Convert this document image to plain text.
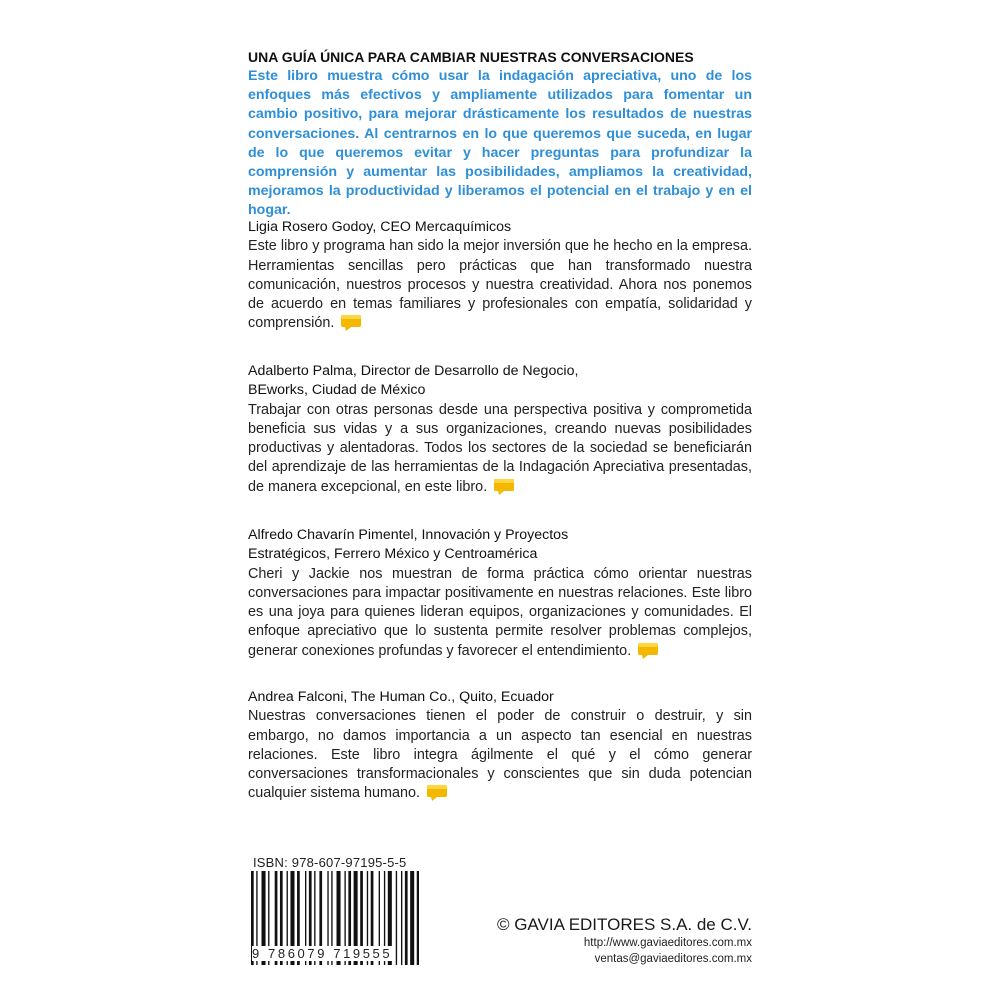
UNA GUÍA ÚNICA PARA CAMBIAR NUESTRAS CONVERSACIONES

Este libro muestra cómo usar la indagación apreciativa, uno de los enfoques más efectivos y ampliamente utilizados para fomentar un cambio positivo, para mejorar drásticamente los resultados de nuestras conversaciones. Al centrarnos en lo que queremos que suceda, en lugar de lo que queremos evitar y hacer preguntas para profundizar la comprensión y aumentar las posibilidades, ampliamos la creatividad, mejoramos la productividad y liberamos el potencial en el trabajo y en el hogar.

Ligia Rosero Godoy, CEO Mercaquímicos

Este libro y programa han sido la mejor inversión que he hecho en la empresa. Herramientas sencillas pero prácticas que han transformado nuestra comunicación, nuestros procesos y nuestra creatividad. Ahora nos ponemos de acuerdo en temas familiares y profesionales con empatía, solidaridad y comprensión.

Adalberto Palma, Director de Desarrollo de Negocio,

BEworks, Ciudad de México

Trabajar con otras personas desde una perspectiva positiva y comprometida beneficia sus vidas y a sus organizaciones, creando nuevas posibilidades productivas y alentadoras. Todos los sectores de la sociedad se beneficiarán del aprendizaje de las herramientas de la Indagación Apreciativa presentadas, de manera excepcional, en este libro.

Alfredo Chavarín Pimentel, Innovación y Proyectos

Estratégicos, Ferrero México y Centroamérica

Cheri y Jackie nos muestran de forma práctica cómo orientar nuestras conversaciones para impactar positivamente en nuestras relaciones. Este libro es una joya para quienes lideran equipos, organizaciones y comunidades. El enfoque apreciativo que lo sustenta permite resolver problemas complejos, generar conexiones profundas y favorecer el entendimiento.

Andrea Falconi, The Human Co., Quito, Ecuador

Nuestras conversaciones tienen el poder de construir o destruir, y sin embargo, no damos importancia a un aspecto tan esencial en nuestras relaciones. Este libro integra ágilmente el qué y el cómo generar conversaciones transformacionales y conscientes que sin duda potencian cualquier sistema humano.

ISBN: 978-607-97195-5-5
9 786079 719555

© GAVIA EDITORES S.A. de C.V.

http://www.gaviaeditores.com.mx

ventas@gaviaeditores.com.mx
